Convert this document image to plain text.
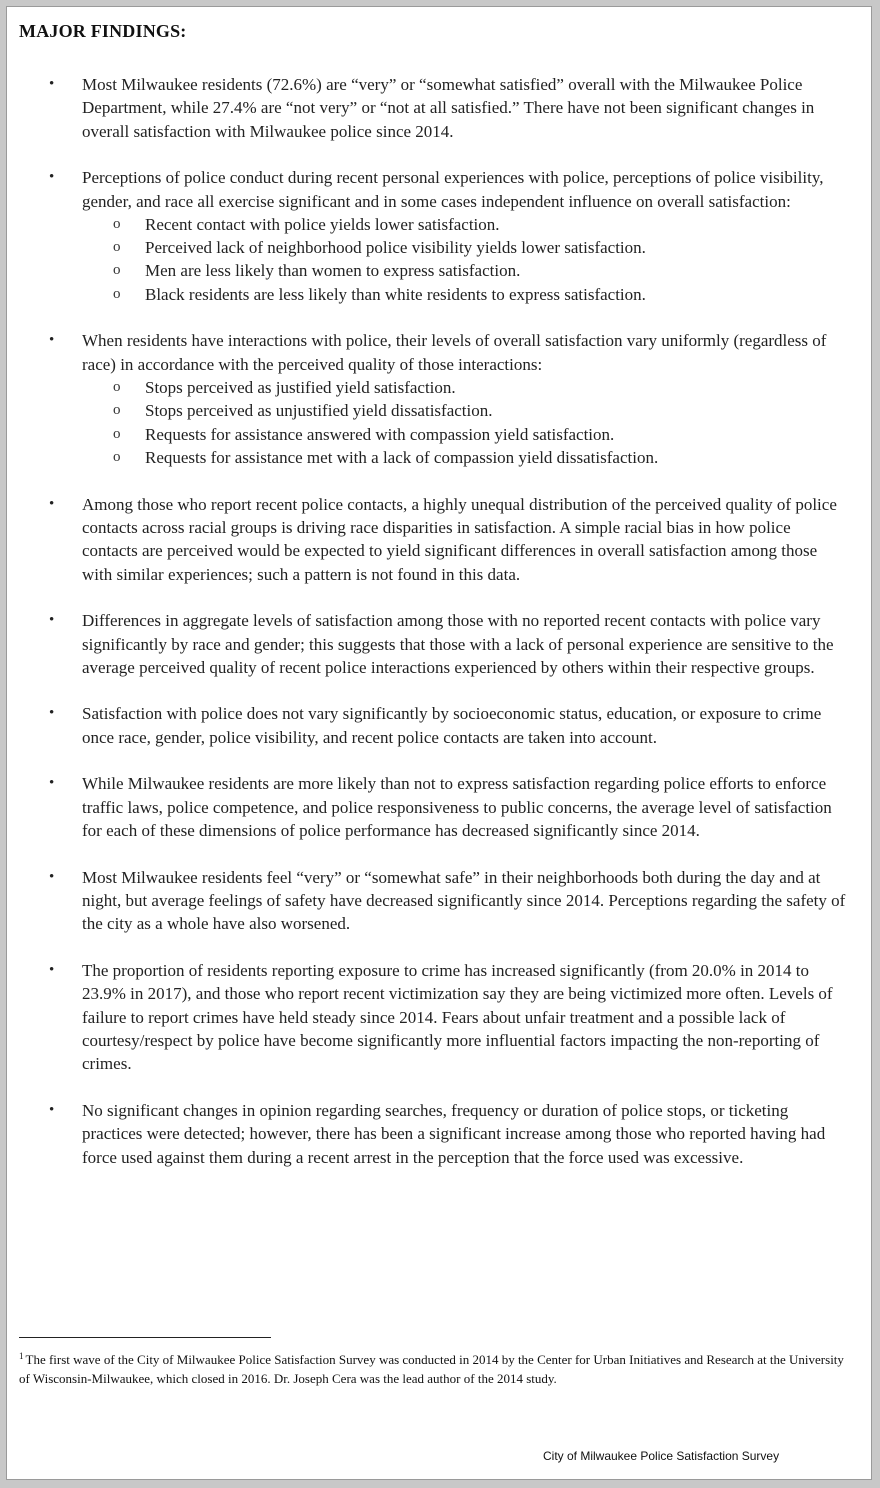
MAJOR FINDINGS:
• Most Milwaukee residents (72.6%) are “very” or “somewhat satisfied” overall with the Milwaukee Police Department, while 27.4% are “not very” or “not at all satisfied.” There have not been significant changes in overall satisfaction with Milwaukee police since 2014.
• Perceptions of police conduct during recent personal experiences with police, perceptions of police visibility, gender, and race all exercise significant and in some cases independent influence on overall satisfaction:
o Recent contact with police yields lower satisfaction.
o Perceived lack of neighborhood police visibility yields lower satisfaction.
o Men are less likely than women to express satisfaction.
o Black residents are less likely than white residents to express satisfaction.
• When residents have interactions with police, their levels of overall satisfaction vary uniformly (regardless of race) in accordance with the perceived quality of those interactions:
o Stops perceived as justified yield satisfaction.
o Stops perceived as unjustified yield dissatisfaction.
o Requests for assistance answered with compassion yield satisfaction.
o Requests for assistance met with a lack of compassion yield dissatisfaction.
• Among those who report recent police contacts, a highly unequal distribution of the perceived quality of police contacts across racial groups is driving race disparities in satisfaction. A simple racial bias in how police contacts are perceived would be expected to yield significant differences in overall satisfaction among those with similar experiences; such a pattern is not found in this data.
• Differences in aggregate levels of satisfaction among those with no reported recent contacts with police vary significantly by race and gender; this suggests that those with a lack of personal experience are sensitive to the average perceived quality of recent police interactions experienced by others within their respective groups.
• Satisfaction with police does not vary significantly by socioeconomic status, education, or exposure to crime once race, gender, police visibility, and recent police contacts are taken into account.
• While Milwaukee residents are more likely than not to express satisfaction regarding police efforts to enforce traffic laws, police competence, and police responsiveness to public concerns, the average level of satisfaction for each of these dimensions of police performance has decreased significantly since 2014.
• Most Milwaukee residents feel “very” or “somewhat safe” in their neighborhoods both during the day and at night, but average feelings of safety have decreased significantly since 2014. Perceptions regarding the safety of the city as a whole have also worsened.
• The proportion of residents reporting exposure to crime has increased significantly (from 20.0% in 2014 to 23.9% in 2017), and those who report recent victimization say they are being victimized more often. Levels of failure to report crimes have held steady since 2014. Fears about unfair treatment and a possible lack of courtesy/respect by police have become significantly more influential factors impacting the non-reporting of crimes.
• No significant changes in opinion regarding searches, frequency or duration of police stops, or ticketing practices were detected; however, there has been a significant increase among those who reported having had force used against them during a recent arrest in the perception that the force used was excessive.

$^1$ The first wave of the City of Milwaukee Police Satisfaction Survey was conducted in 2014 by the Center for Urban Initiatives and Research at the University of Wisconsin-Milwaukee, which closed in 2016. Dr. Joseph Cera was the lead author of the 2014 study.

City of Milwaukee Police Satisfaction Survey
